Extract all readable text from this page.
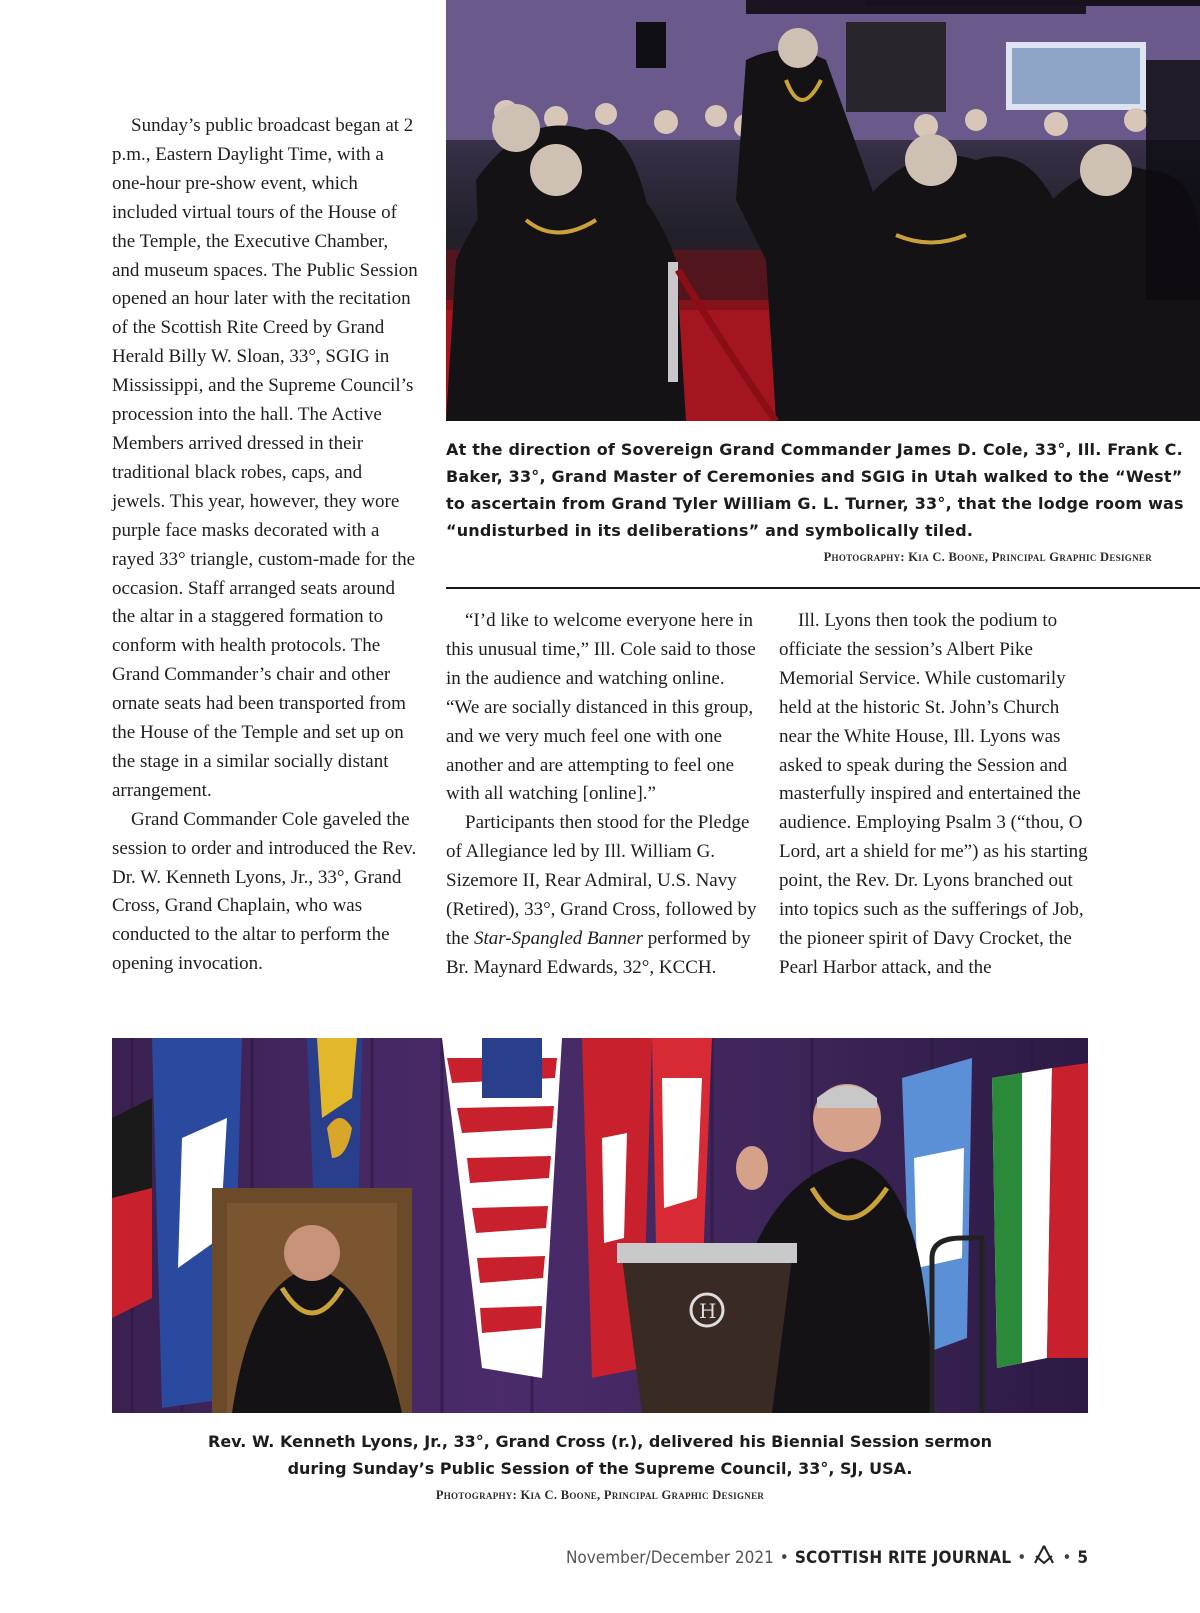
Sunday’s public broadcast began at 2 p.m., Eastern Daylight Time, with a one-hour pre-show event, which included virtual tours of the House of the Temple, the Executive Chamber, and museum spaces. The Public Session opened an hour later with the recitation of the Scottish Rite Creed by Grand Herald Billy W. Sloan, 33°, SGIG in Mississippi, and the Supreme Council’s procession into the hall. The Active Members arrived dressed in their traditional black robes, caps, and jewels. This year, however, they wore purple face masks decorated with a rayed 33° triangle, custom-made for the occasion. Staff arranged seats around the altar in a staggered formation to conform with health protocols. The Grand Commander’s chair and other ornate seats had been transported from the House of the Temple and set up on the stage in a similar socially distant arrangement.

Grand Commander Cole gaveled the session to order and introduced the Rev. Dr. W. Kenneth Lyons, Jr., 33°, Grand Cross, Grand Chaplain, who was conducted to the altar to perform the opening invocation.

At the direction of Sovereign Grand Commander James D. Cole, 33°, Ill. Frank C. Baker, 33°, Grand Master of Ceremonies and SGIG in Utah walked to the “West” to ascertain from Grand Tyler William G. L. Turner, 33°, that the lodge room was “undisturbed in its deliberations” and symbolically tiled.
Photography: Kia C. Boone, Principal Graphic Designer

“I’d like to welcome everyone here in this unusual time,” Ill. Cole said to those in the audience and watching online. “We are socially distanced in this group, and we very much feel one with one another and are attempting to feel one with all watching [online].”

Participants then stood for the Pledge of Allegiance led by Ill. William G. Sizemore II, Rear Admiral, U.S. Navy (Retired), 33°, Grand Cross, followed by the Star-Spangled Banner performed by Br. Maynard Edwards, 32°, KCCH.

Ill. Lyons then took the podium to officiate the session’s Albert Pike Memorial Service. While customarily held at the historic St. John’s Church near the White House, Ill. Lyons was asked to speak during the Session and masterfully inspired and entertained the audience. Employing Psalm 3 (“thou, O Lord, art a shield for me”) as his starting point, the Rev. Dr. Lyons branched out into topics such as the sufferings of Job, the pioneer spirit of Davy Crocket, the Pearl Harbor attack, and the

H
Rev. W. Kenneth Lyons, Jr., 33°, Grand Cross (r.), delivered his Biennial Session sermon
during Sunday’s Public Session of the Supreme Council, 33°, SJ, USA.
Photography: Kia C. Boone, Principal Graphic Designer
November/December 2021 • SCOTTISH RITE JOURNAL • • 5
